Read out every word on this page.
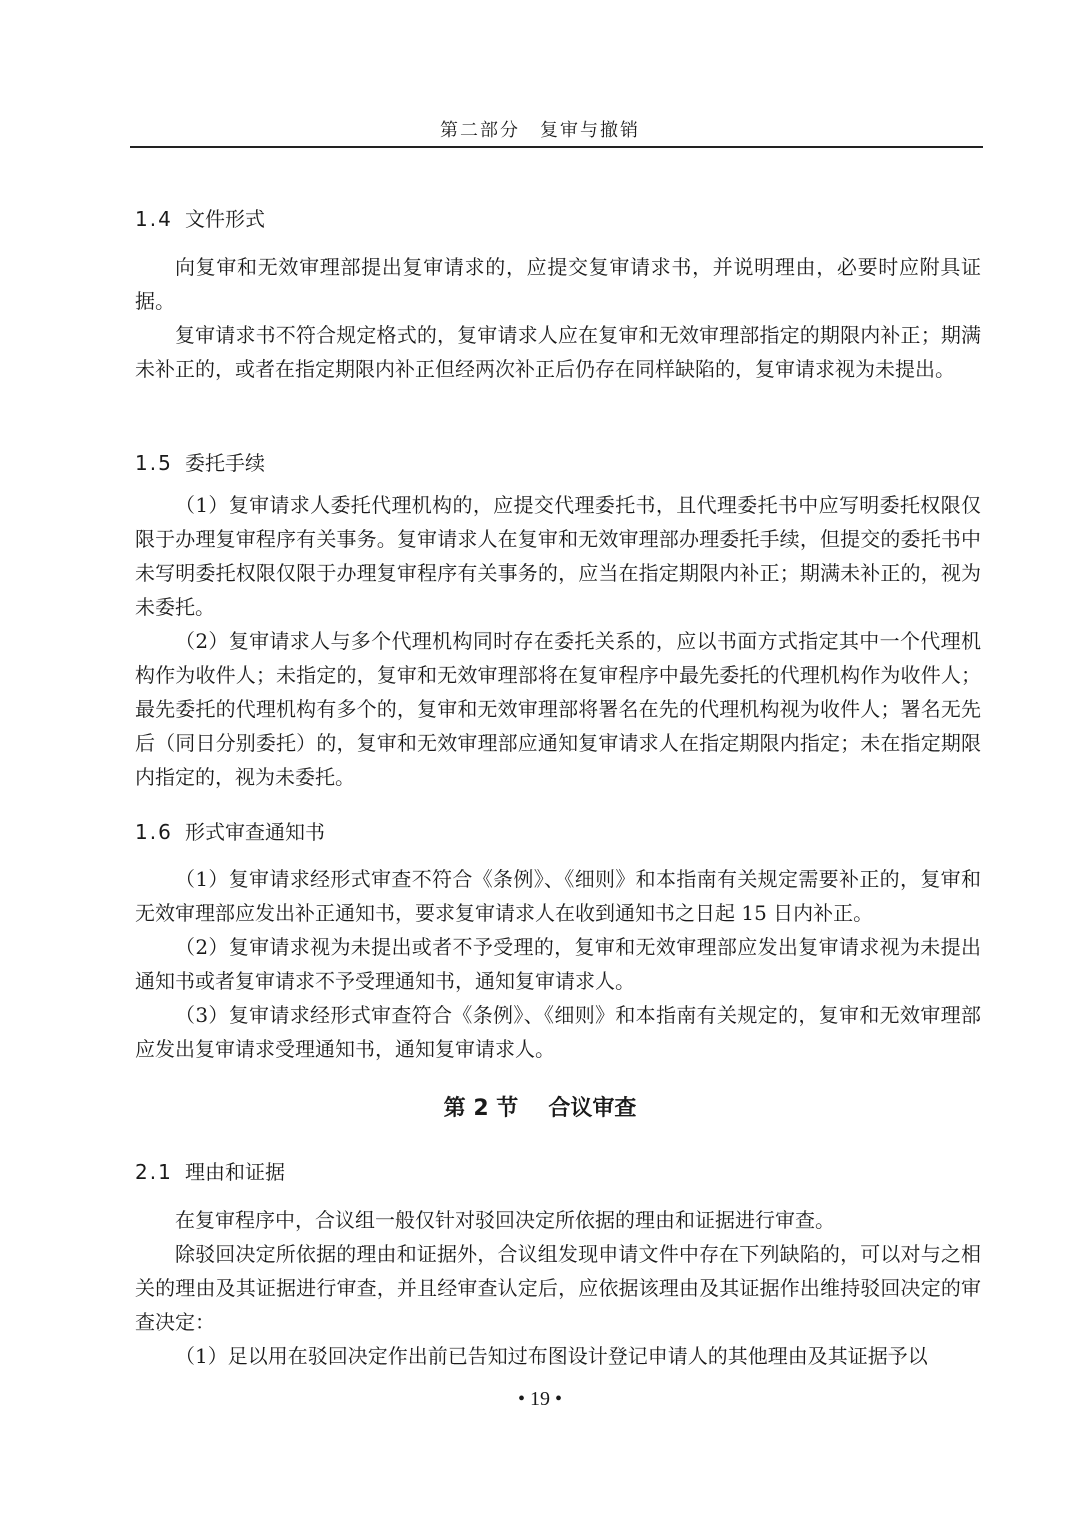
第二部分　复审与撤销
1.4 文件形式

向复审和无效审理部提出复审请求的，应提交复审请求书，并说明理由，必要时应附具证据。

复审请求书不符合规定格式的，复审请求人应在复审和无效审理部指定的期限内补正；期满未补正的，或者在指定期限内补正但经两次补正后仍存在同样缺陷的，复审请求视为未提出。

1.5 委托手续

（1）复审请求人委托代理机构的，应提交代理委托书，且代理委托书中应写明委托权限仅限于办理复审程序有关事务。复审请求人在复审和无效审理部办理委托手续，但提交的委托书中未写明委托权限仅限于办理复审程序有关事务的，应当在指定期限内补正；期满未补正的，视为未委托。

（2）复审请求人与多个代理机构同时存在委托关系的，应以书面方式指定其中一个代理机构作为收件人；未指定的，复审和无效审理部将在复审程序中最先委托的代理机构作为收件人；最先委托的代理机构有多个的，复审和无效审理部将署名在先的代理机构视为收件人；署名无先后（同日分别委托）的，复审和无效审理部应通知复审请求人在指定期限内指定；未在指定期限内指定的，视为未委托。

1.6 形式审查通知书

（1）复审请求经形式审查不符合《条例》、《细则》和本指南有关规定需要补正的，复审和无效审理部应发出补正通知书，要求复审请求人在收到通知书之日起 15 日内补正。

（2）复审请求视为未提出或者不予受理的，复审和无效审理部应发出复审请求视为未提出通知书或者复审请求不予受理通知书，通知复审请求人。

（3）复审请求经形式审查符合《条例》、《细则》和本指南有关规定的，复审和无效审理部应发出复审请求受理通知书，通知复审请求人。

2.1 理由和证据

在复审程序中，合议组一般仅针对驳回决定所依据的理由和证据进行审查。

除驳回决定所依据的理由和证据外，合议组发现申请文件中存在下列缺陷的，可以对与之相关的理由及其证据进行审查，并且经审查认定后，应依据该理由及其证据作出维持驳回决定的审查决定：

（1）足以用在驳回决定作出前已告知过布图设计登记申请人的其他理由及其证据予以

第 2 节 合议审查
• 19 •
